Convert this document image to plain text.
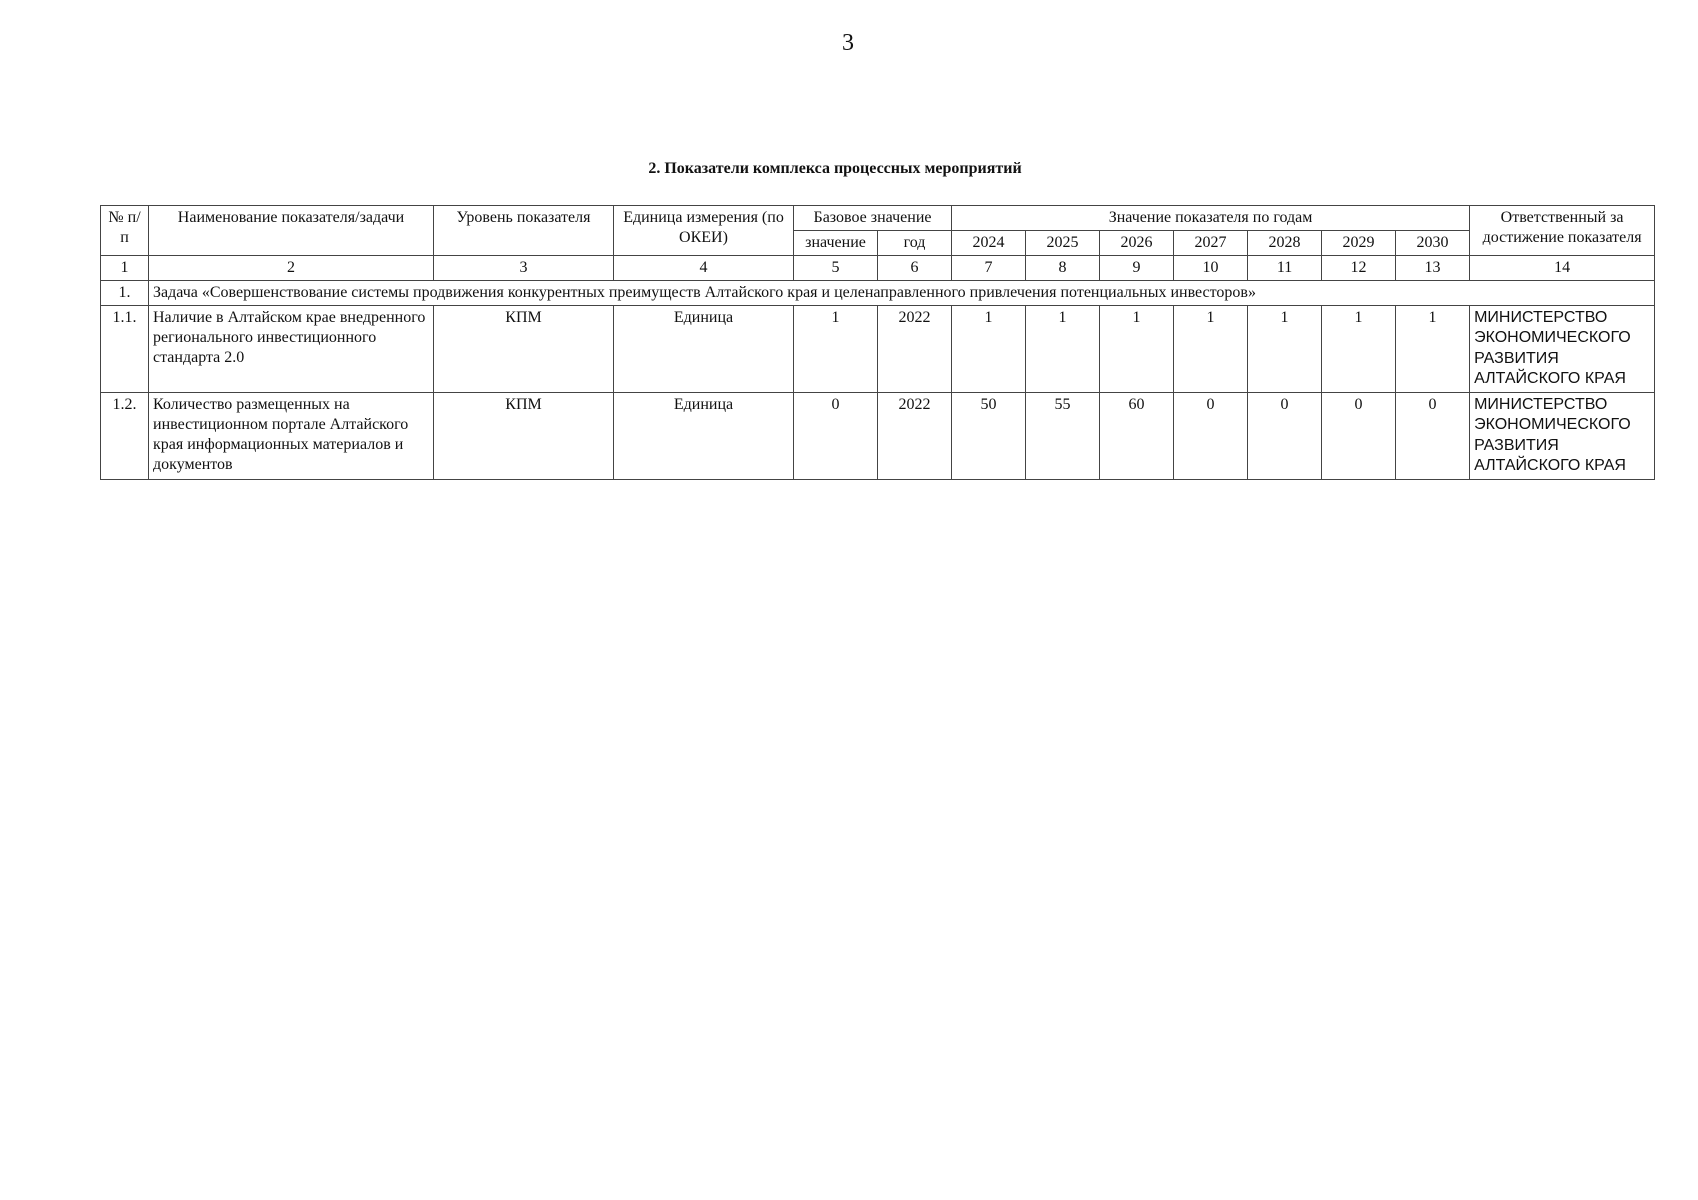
3
2. Показатели комплекса процессных мероприятий
№ п/п	Наименование показателя/задачи	Уровень показателя	Единица измерения (по ОКЕИ)	Базовое значение		Значение показателя по годам							Ответственный за достижение показателя
				значение	год	2024	2025	2026	2027	2028	2029	2030	
1	2	3	4	5	6	7	8	9	10	11	12	13	14
1.	Задача «Совершенствование системы продвижения конкурентных преимуществ Алтайского края и целенаправленного привлечения потенциальных инвесторов»												
1.1.	Наличие в Алтайском крае внедренного регионального инвестиционного стандарта 2.0	КПМ	Единица	1	2022	1	1	1	1	1	1	1	МИНИСТЕРСТВО ЭКОНОМИЧЕСКОГО РАЗВИТИЯ АЛТАЙСКОГО КРАЯ
1.2.	Количество размещенных на инвестиционном портале Алтайского края информационных материалов и документов	КПМ	Единица	0	2022	50	55	60	0	0	0	0	МИНИСТЕРСТВО ЭКОНОМИЧЕСКОГО РАЗВИТИЯ АЛТАЙСКОГО КРАЯ
